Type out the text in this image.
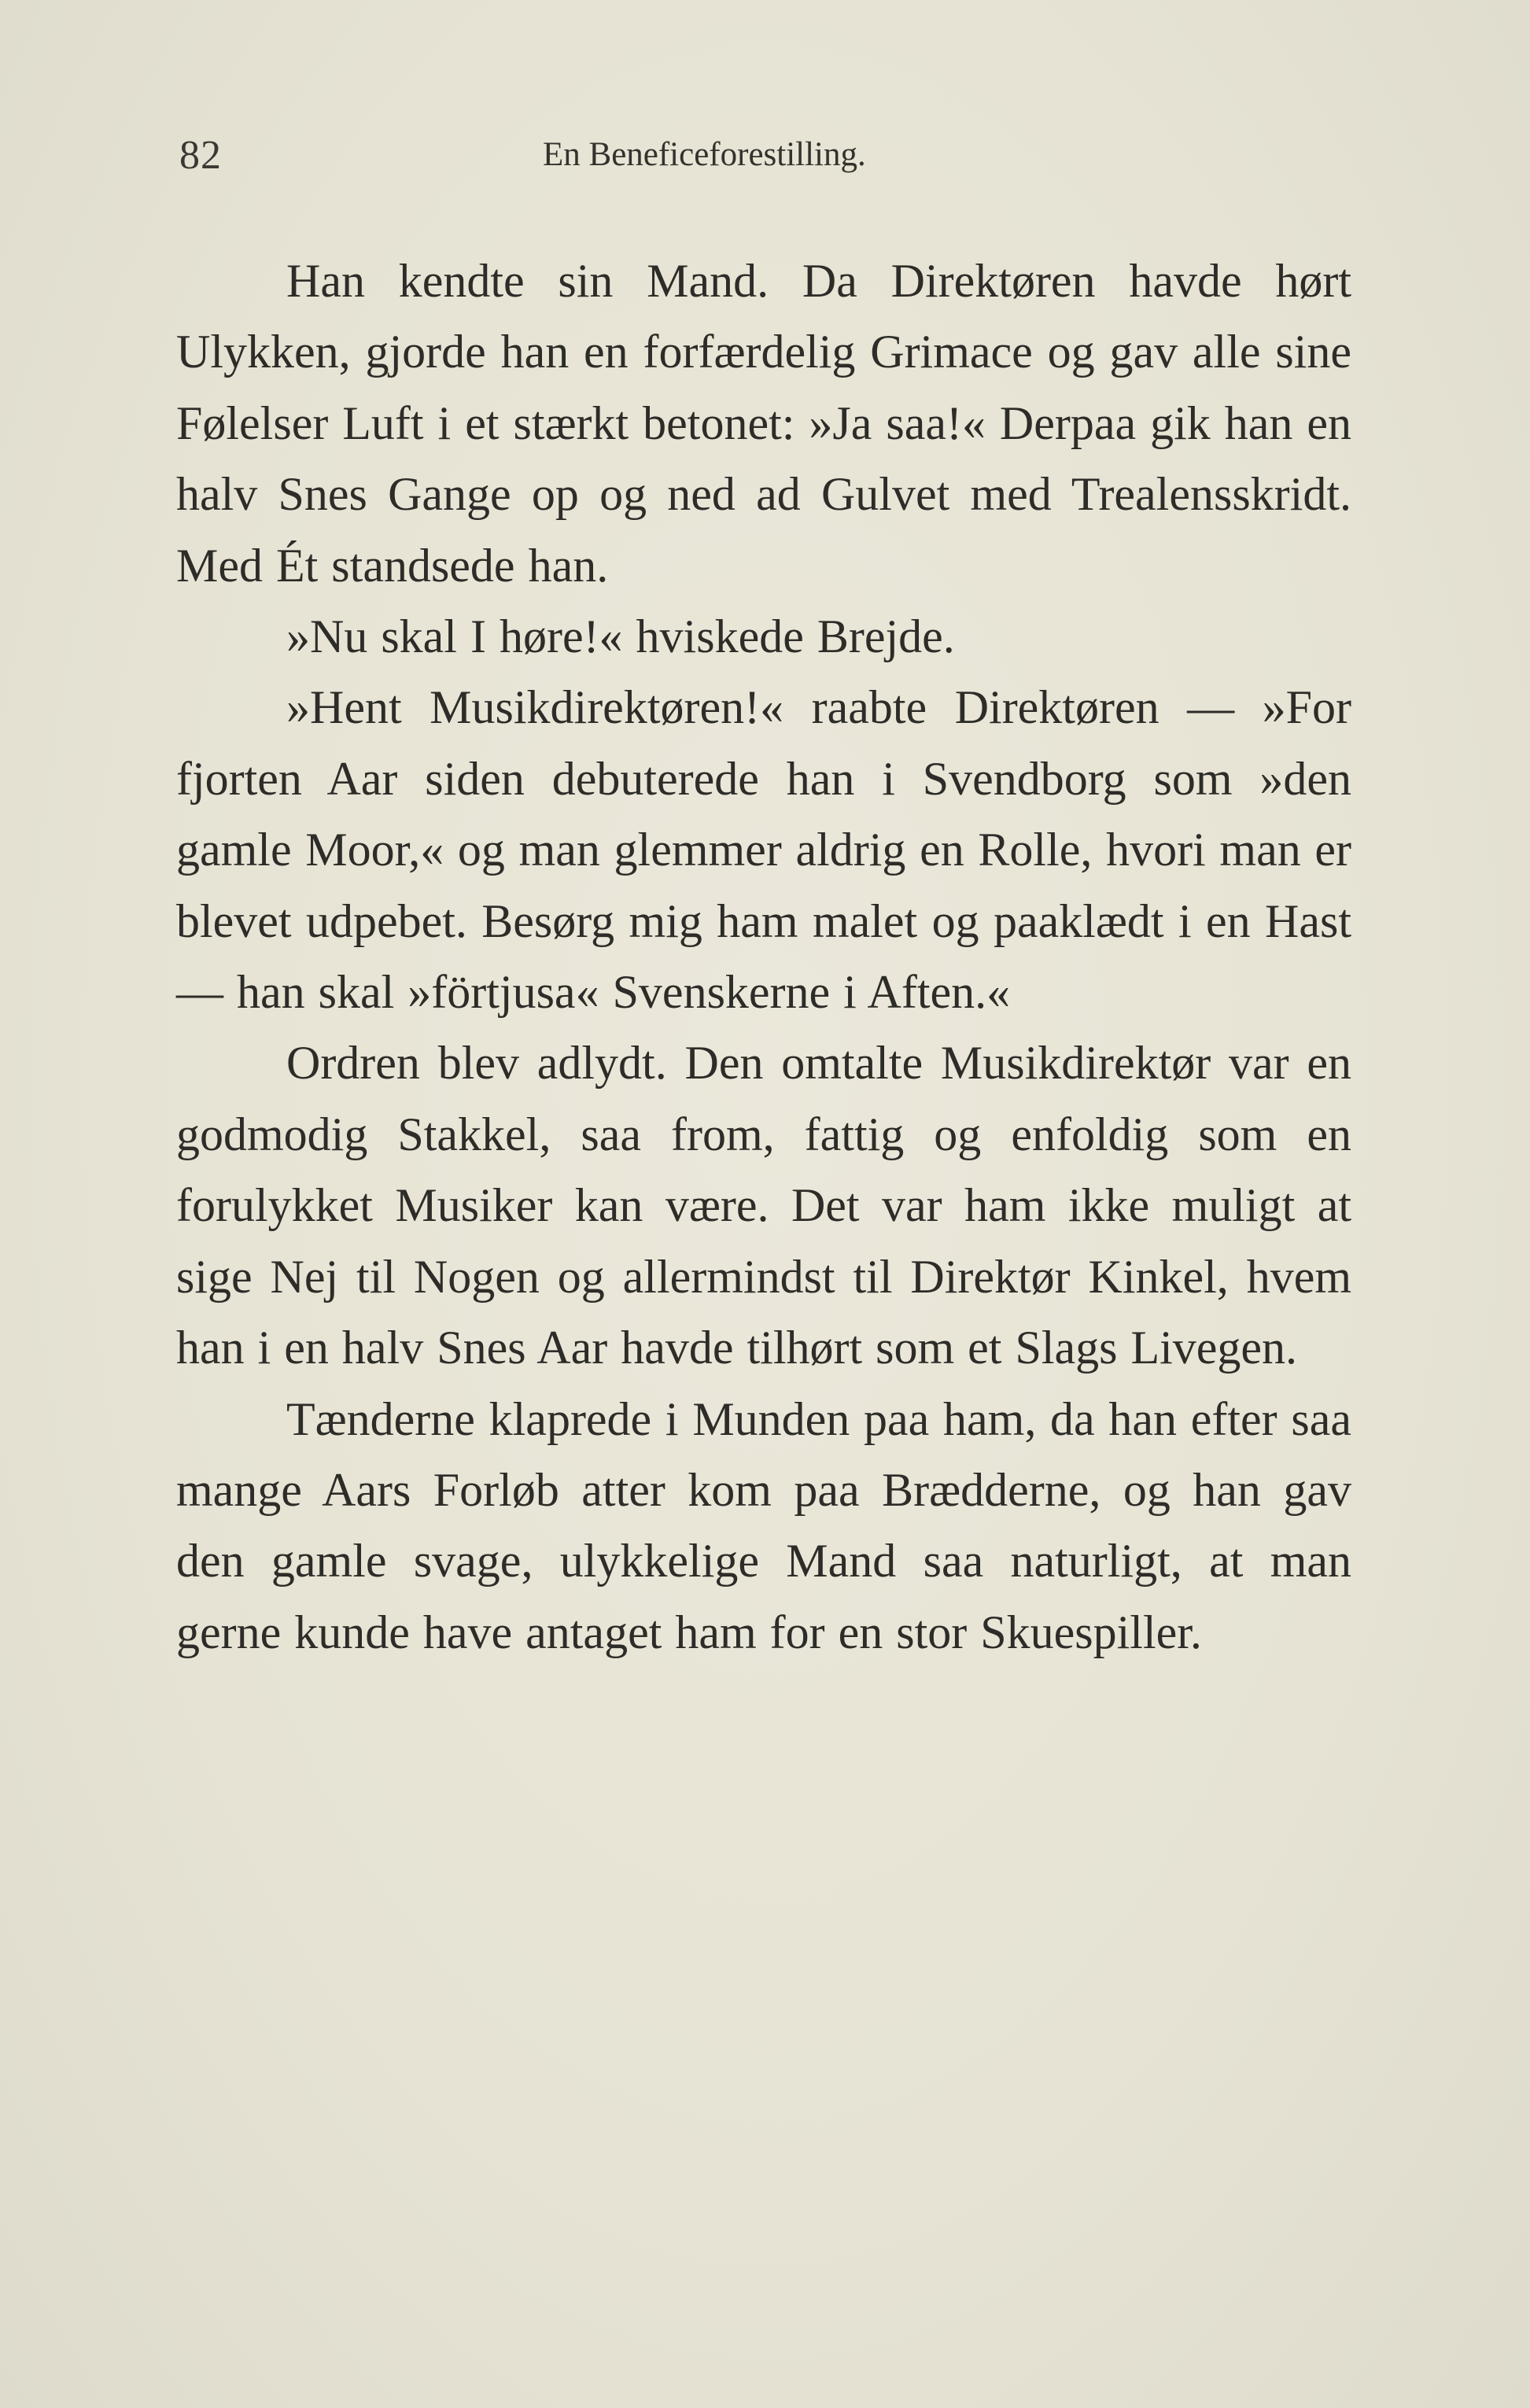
82	En Beneficeforestilling.

Han kendte sin Mand. Da Direktøren havde hørt Ulykken, gjorde han en forfærdelig Grimace og gav alle sine Følelser Luft i et stærkt betonet: »Ja saa!« Derpaa gik han en halv Snes Gange op og ned ad Gulvet med Trealensskridt. Med Ét standsede han.

»Nu skal I høre!« hviskede Brejde.

»Hent Musikdirektøren!« raabte Direktøren — »For fjorten Aar siden debuterede han i Svendborg som »den gamle Moor,« og man glemmer aldrig en Rolle, hvori man er blevet udpebet. Besørg mig ham malet og paaklædt i en Hast — han skal »förtjusa« Svenskerne i Aften.«

Ordren blev adlydt. Den omtalte Musikdirektør var en godmodig Stakkel, saa from, fattig og enfoldig som en forulykket Musiker kan være. Det var ham ikke muligt at sige Nej til Nogen og allermindst til Direktør Kinkel, hvem han i en halv Snes Aar havde tilhørt som et Slags Livegen.

Tænderne klaprede i Munden paa ham, da han efter saa mange Aars Forløb atter kom paa Brædderne, og han gav den gamle svage, ulykkelige Mand saa naturligt, at man gerne kunde have antaget ham for en stor Skuespiller.
